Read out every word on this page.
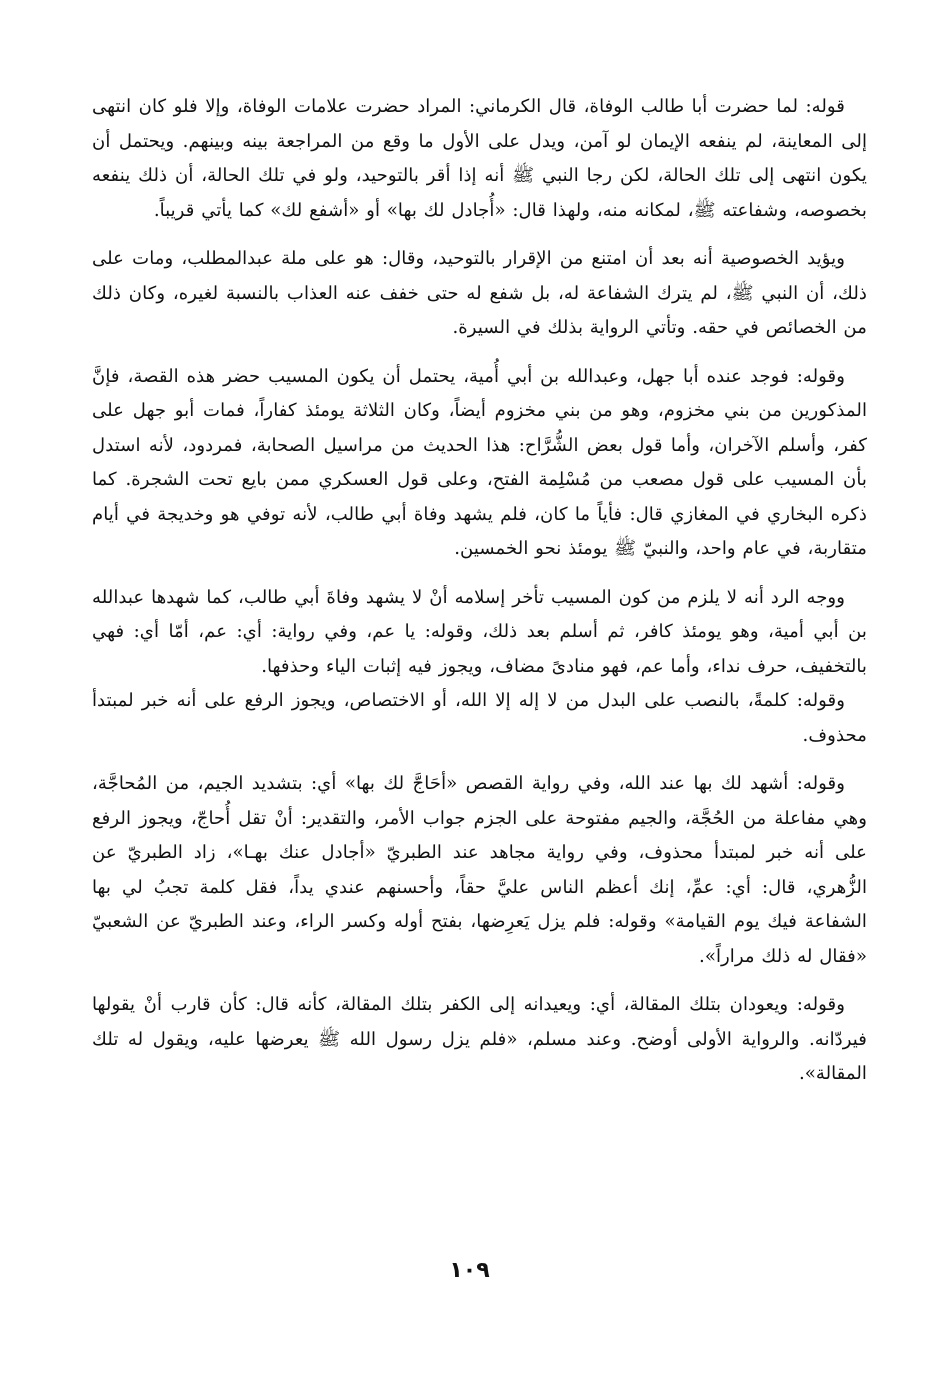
قوله: لما حضرت أبا طالب الوفاة، قال الكرماني: المراد حضرت علامات الوفاة، وإلا فلو كان انتهى إلى المعاينة، لم ينفعه الإيمان لو آمن، ويدل على الأول ما وقع من المراجعة بينه وبينهم. ويحتمل أن يكون انتهى إلى تلك الحالة، لكن رجا النبي ﷺ أنه إذا أقر بالتوحيد، ولو في تلك الحالة، أن ذلك ينفعه بخصوصه، وشفاعته ﷺ، لمكانه منه، ولهذا قال: «أُجادل لك بها» أو «أشفع لك» كما يأتي قريباً.

ويؤيد الخصوصية أنه بعد أن امتنع من الإقرار بالتوحيد، وقال: هو على ملة عبدالمطلب، ومات على ذلك، أن النبي ﷺ، لم يترك الشفاعة له، بل شفع له حتى خفف عنه العذاب بالنسبة لغيره، وكان ذلك من الخصائص في حقه. وتأتي الرواية بذلك في السيرة.

وقوله: فوجد عنده أبا جهل، وعبدالله بن أبي أُمية، يحتمل أن يكون المسيب حضر هذه القصة، فإنَّ المذكورين من بني مخزوم، وهو من بني مخزوم أيضاً، وكان الثلاثة يومئذ كفاراً، فمات أبو جهل على كفر، وأسلم الآخران، وأما قول بعض الشُّرَّاح: هذا الحديث من مراسيل الصحابة، فمردود، لأنه استدل بأن المسيب على قول مصعب من مُسْلِمة الفتح، وعلى قول العسكري ممن بايع تحت الشجرة. كما ذكره البخاري في المغازي قال: فأياً ما كان، فلم يشهد وفاة أبي طالب، لأنه توفي هو وخديجة في أيام متقاربة، في عام واحد، والنبيّ ﷺ يومئذ نحو الخمسين.

ووجه الرد أنه لا يلزم من كون المسيب تأخر إسلامه أنْ لا يشهد وفاةَ أبي طالب، كما شهدها عبدالله بن أبي أمية، وهو يومئذ كافر، ثم أسلم بعد ذلك، وقوله: يا عم، وفي رواية: أي: عم، أمّا أي: فهي بالتخفيف، حرف نداء، وأما عم، فهو منادىً مضاف، ويجوز فيه إثبات الياء وحذفها.

وقوله: كلمةً، بالنصب على البدل من لا إله إلا الله، أو الاختصاص، ويجوز الرفع على أنه خبر لمبتدأ محذوف.

وقوله: أشهد لك بها عند الله، وفي رواية القصص «أحَاجَّ لك بها» أي: بتشديد الجيم، من المُحاجَّة، وهي مفاعلة من الحُجَّة، والجيم مفتوحة على الجزم جواب الأمر، والتقدير: أنْ تقل أُحاجّ، ويجوز الرفع على أنه خبر لمبتدأ محذوف، وفي رواية مجاهد عند الطبريّ «أجادل عنك بهـا»، زاد الطبريّ عن الزُّهري، قال: أي: عمِّ، إنك أعظم الناس عليَّ حقاً، وأحسنهم عندي يداً، فقل كلمة تجبُ لي بها الشفاعة فيك يوم القيامة» وقوله: فلم يزل يَعرِضها، بفتح أوله وكسر الراء، وعند الطبريّ عن الشعبيّ «فقال له ذلك مراراً».

وقوله: ويعودان بتلك المقالة، أي: ويعيدانه إلى الكفر بتلك المقالة، كأنه قال: كأن قارب أنْ يقولها فيردّانه. والرواية الأولى أوضح. وعند مسلم، «فلم يزل رسول الله ﷺ يعرضها عليه، ويقول له تلك المقالة».

١٠٩
